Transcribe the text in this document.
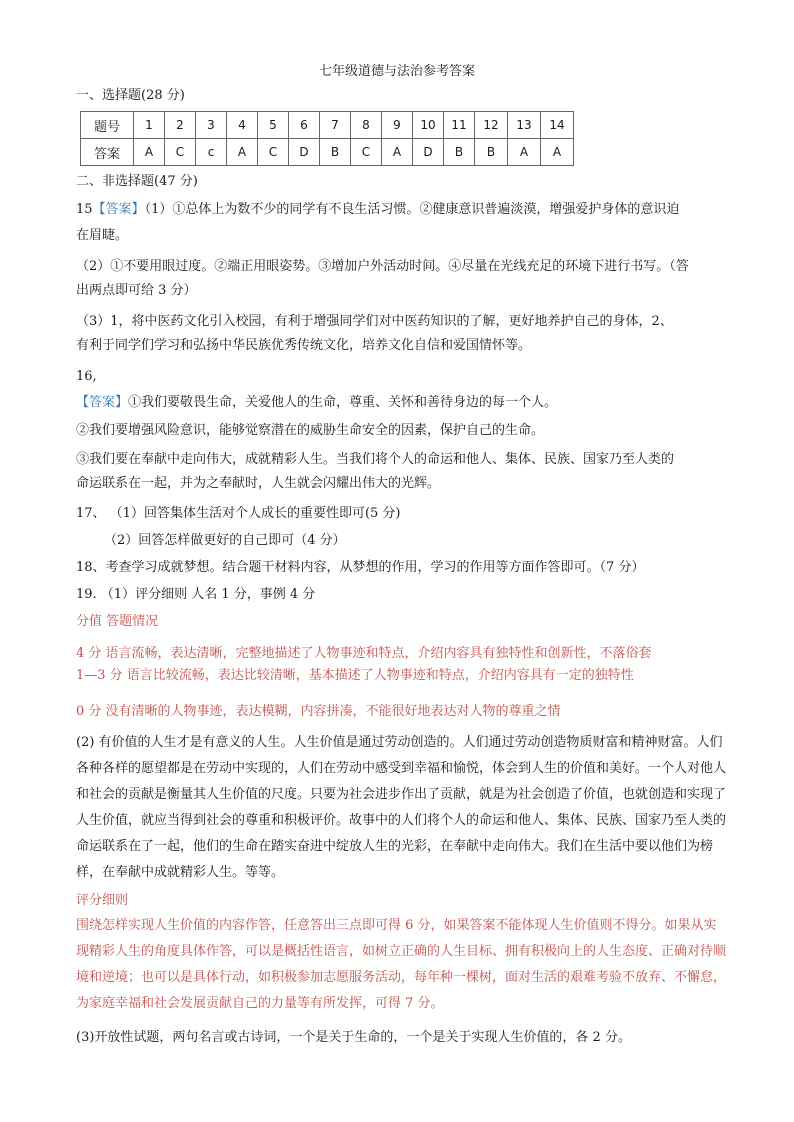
七年级道德与法治参考答案
一、选择题(28 分)
题号	1	2	3	4	5	6	7	8	9	10	11	12	13	14
答案	A	C	c	A	C	D	B	C	A	D	B	B	A	A
二、非选择题(47 分)
15【答案】（1）①总体上为数不少的同学有不良生活习惯。②健康意识普遍淡漠，增强爱护身体的意识迫
在眉睫。
（2）①不要用眼过度。②端正用眼姿势。③增加户外活动时间。④尽量在光线充足的环境下进行书写。（答
出两点即可给 3 分）
（3）1，将中医药文化引入校园，有利于增强同学们对中医药知识的了解，更好地养护自己的身体，2、
有利于同学们学习和弘扬中华民族优秀传统文化，培养文化自信和爱国情怀等。
16,
【答案】①我们要敬畏生命，关爱他人的生命，尊重、关怀和善待身边的每一个人。
②我们要增强风险意识，能够觉察潜在的威胁生命安全的因素，保护自己的生命。
③我们要在奉献中走向伟大，成就精彩人生。当我们将个人的命运和他人、集体、民族、国家乃至人类的
命运联系在一起，并为之奉献时，人生就会闪耀出伟大的光辉。
17、 （1）回答集体生活对个人成长的重要性即可(5 分)
（2）回答怎样做更好的自己即可（4 分）
18、考查学习成就梦想。结合题干材料内容，从梦想的作用，学习的作用等方面作答即可。（7 分）
19. （1）评分细则 人名 1 分，事例 4 分
分值 答题情况
4 分 语言流畅，表达清晰，完整地描述了人物事迹和特点，介绍内容具有独特性和创新性，不落俗套
1—3 分 语言比较流畅，表达比较清晰，基本描述了人物事迹和特点，介绍内容具有一定的独特性
0 分 没有清晰的人物事迹，表达模糊，内容拼凑，不能很好地表达对人物的尊重之情
(2) 有价值的人生才是有意义的人生。人生价值是通过劳动创造的。人们通过劳动创造物质财富和精神财富。人们各种各样的愿望都是在劳动中实现的，人们在劳动中感受到幸福和愉悦，体会到人生的价值和美好。一个人对他人和社会的贡献是衡量其人生价值的尺度。只要为社会进步作出了贡献，就是为社会创造了价值，也就创造和实现了人生价值，就应当得到社会的尊重和积极评价。故事中的人们将个人的命运和他人、集体、民族、国家乃至人类的命运联系在了一起，他们的生命在踏实奋进中绽放人生的光彩，在奉献中走向伟大。我们在生活中要以他们为榜样，在奉献中成就精彩人生。等等。
评分细则
围绕怎样实现人生价值的内容作答，任意答出三点即可得 6 分，如果答案不能体现人生价值则不得分。如果从实现精彩人生的角度具体作答，可以是概括性语言，如树立正确的人生目标、拥有积极向上的人生态度、正确对待顺境和逆境；也可以是具体行动，如积极参加志愿服务活动，每年种一棵树，面对生活的艰难考验不放弃、不懈怠，为家庭幸福和社会发展贡献自己的力量等有所发挥，可得 7 分。
(3)开放性试题，两句名言或古诗词，一个是关于生命的，一个是关于实现人生价值的，各 2 分。
